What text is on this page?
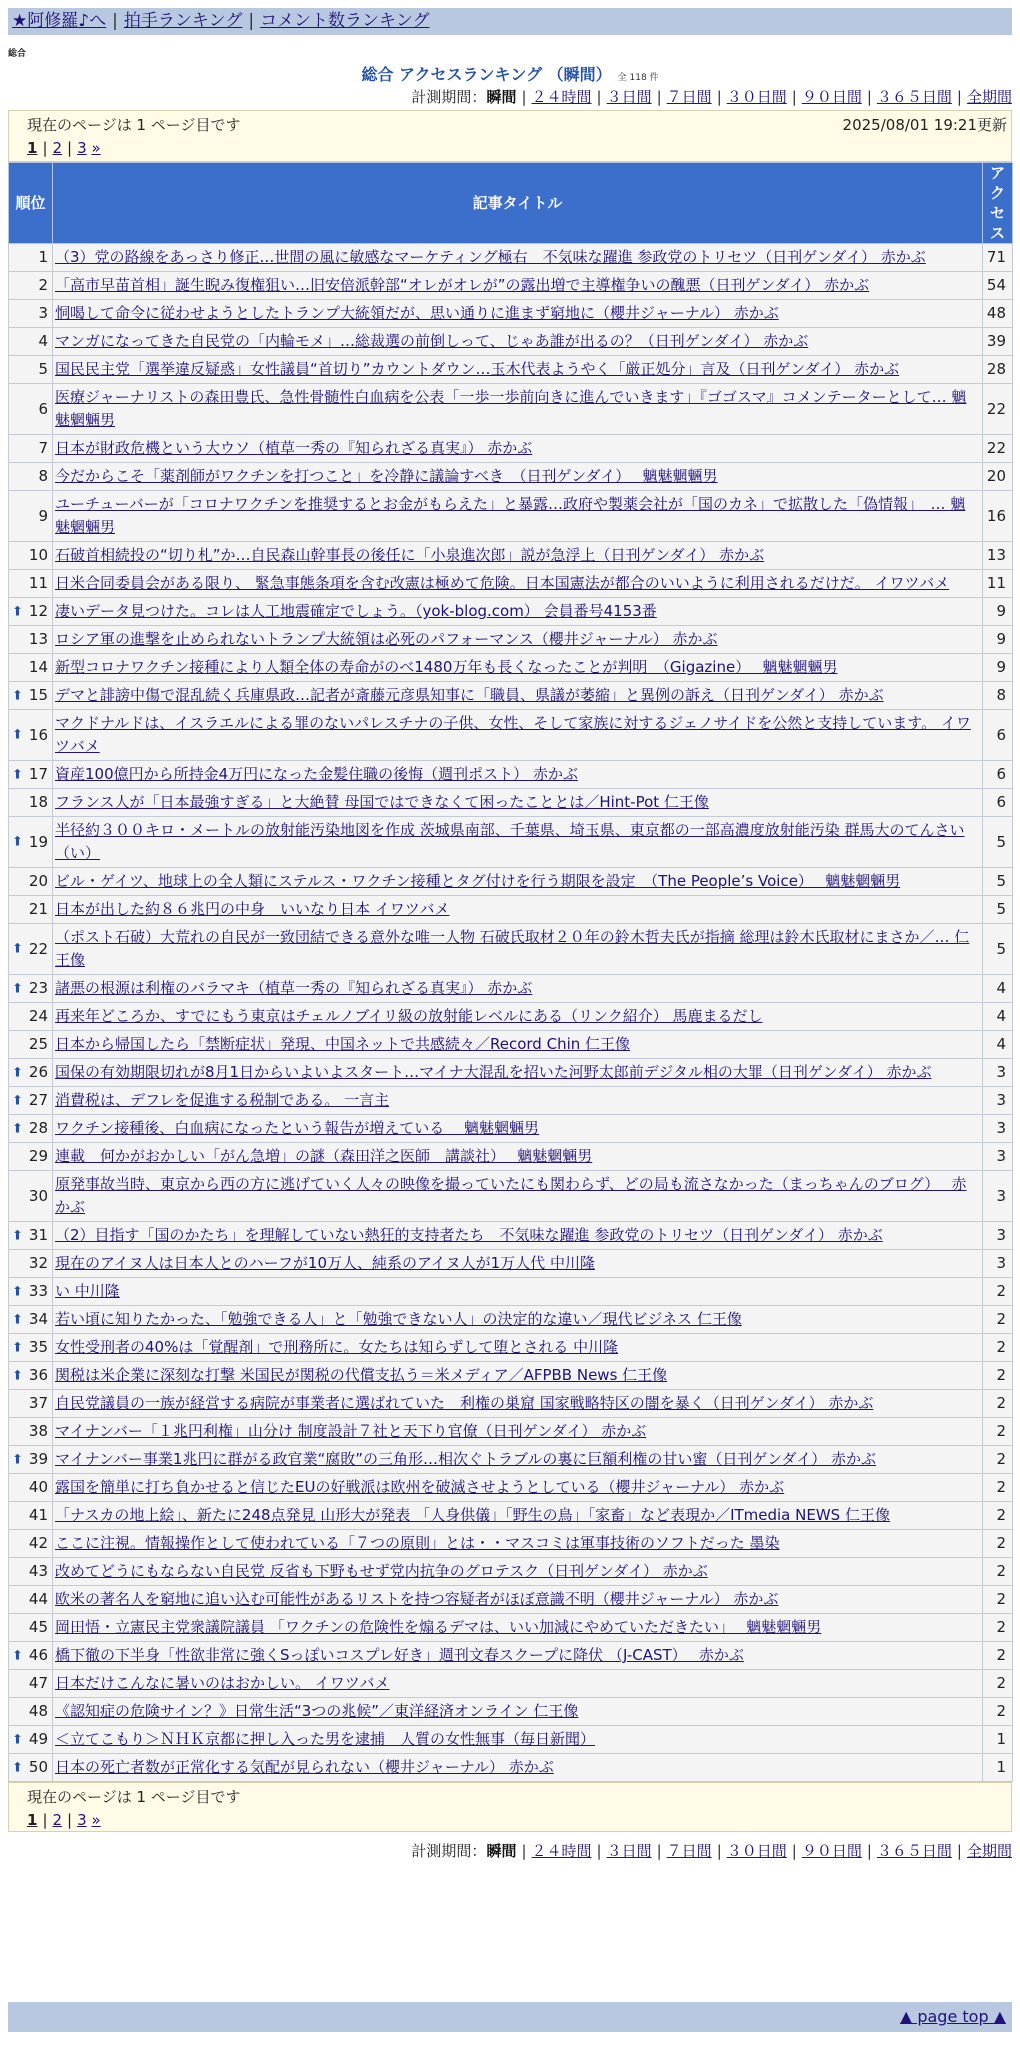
★阿修羅♪へ | 拍手ランキング | コメント数ランキング
総合
総合 アクセスランキング （瞬間） 全 118 件
計測期間：瞬間 | ２４時間 | ３日間 | ７日間 | ３０日間 | ９０日間 | ３６５日間 | 全期間
現在のページは 1 ページ目です	2025/08/01 19:21更新
1 | 2 | 3 »
順位	記事タイトル	アクセス
1	（3）党の路線をあっさり修正…世間の風に敏感なマーケティング極右　不気味な躍進 参政党のトリセツ（日刊ゲンダイ） 赤かぶ	71
2	「高市早苗首相」誕生睨み復権狙い…旧安倍派幹部“オレがオレが”の露出増で主導権争いの醜悪（日刊ゲンダイ） 赤かぶ	54
3	恫喝して命令に従わせようとしたトランプ大統領だが、思い通りに進まず窮地に（櫻井ジャーナル） 赤かぶ	48
4	マンガになってきた自民党の「内輪モメ」…総裁選の前倒しって、じゃあ誰が出るの？（日刊ゲンダイ） 赤かぶ	39
5	国民民主党「選挙違反疑惑」女性議員“首切り”カウントダウン…玉木代表ようやく「厳正処分」言及（日刊ゲンダイ） 赤かぶ	28
6	医療ジャーナリストの森田豊氏、急性骨髄性白血病を公表「一歩一歩前向きに進んでいきます」『ゴゴスマ』コメンテーターとして… 魑魅魍魎男	22
7	日本が財政危機という大ウソ（植草一秀の『知られざる真実』） 赤かぶ	22
8	今だからこそ「薬剤師がワクチンを打つこと」を冷静に議論すべき　（日刊ゲンダイ）　 魑魅魍魎男	20
9	ユーチューバーが「コロナワクチンを推奨するとお金がもらえた」と暴露…政府や製薬会社が「国のカネ」で拡散した「偽情報」　… 魑魅魍魎男	16
10	石破首相続投の“切り札”か…自民森山幹事長の後任に「小泉進次郎」説が急浮上（日刊ゲンダイ） 赤かぶ	13
11	日米合同委員会がある限り、 緊急事態条項を含む改憲は極めて危険。日本国憲法が都合のいいように利用されるだけだ。 イワツバメ	11

⬆ 12	凄いデータ見つけた。コレは人工地震確定でしょう。（yok-blog.com） 会員番号4153番	9
13	ロシア軍の進撃を止められないトランプ大統領は必死のパフォーマンス（櫻井ジャーナル） 赤かぶ	9
14	新型コロナワクチン接種により人類全体の寿命がのべ1480万年も長くなったことが判明　（Gigazine）　 魑魅魍魎男	9

⬆ 15	デマと誹謗中傷で混乱続く兵庫県政…記者が斎藤元彦県知事に「職員、県議が萎縮」と異例の訴え（日刊ゲンダイ） 赤かぶ	8

⬆ 16	マクドナルドは、イスラエルによる罪のないパレスチナの子供、女性、そして家族に対するジェノサイドを公然と支持しています。 イワツバメ	6

⬆ 17	資産100億円から所持金4万円になった金髪住職の後悔（週刊ポスト） 赤かぶ	6
18	フランス人が「日本最強すぎる」と大絶賛 母国ではできなくて困ったこととは／Hint-Pot 仁王像	6

⬆ 19	半径約３００キロ・メートルの放射能汚染地図を作成 茨城県南部、千葉県、埼玉県、東京都の一部高濃度放射能汚染 群馬大のてんさい（い）	5
20	ビル・ゲイツ、地球上の全人類にステルス・ワクチン接種とタグ付けを行う期限を設定　（The People’s Voice）　 魑魅魍魎男	5
21	日本が出した約８６兆円の中身　いいなり日本 イワツバメ	5

⬆ 22	（ポスト石破）大荒れの自民が一致団結できる意外な唯一人物 石破氏取材２０年の鈴木哲夫氏が指摘 総理は鈴木氏取材にまさか／… 仁王像	5

⬆ 23	諸悪の根源は利権のバラマキ（植草一秀の『知られざる真実』） 赤かぶ	4
24	再来年どころか、すでにもう東京はチェルノブイリ級の放射能レベルにある（リンク紹介） 馬鹿まるだし	4
25	日本から帰国したら「禁断症状」発現、中国ネットで共感続々／Record Chin 仁王像	4

⬆ 26	国保の有効期限切れが8月1日からいよいよスタート…マイナ大混乱を招いた河野太郎前デジタル相の大罪（日刊ゲンダイ） 赤かぶ	3

⬆ 27	消費税は、デフレを促進する税制である。 一言主	3

⬆ 28	ワクチン接種後、白血病になったという報告が増えている　 魑魅魍魎男	3
29	連載　何かがおかしい「がん急増」の謎（森田洋之医師　講談社）　 魑魅魍魎男	3
30	原発事故当時、東京から西の方に逃げていく人々の映像を撮っていたにも関わらず、どの局も流さなかった（まっちゃんのブログ）　 赤かぶ	3

⬆ 31	（2）目指す「国のかたち」を理解していない熱狂的支持者たち　不気味な躍進 参政党のトリセツ（日刊ゲンダイ） 赤かぶ	3
32	現在のアイヌ人は日本人とのハーフが10万人、純系のアイヌ人が1万人代 中川隆	3

⬆ 33	い 中川隆	2

⬆ 34	若い頃に知りたかった、「勉強できる人」と「勉強できない人」の決定的な違い／現代ビジネス 仁王像	2

⬆ 35	女性受刑者の40%は「覚醒剤」で刑務所に。女たちは知らずして堕とされる 中川隆	2

⬆ 36	関税は米企業に深刻な打撃 米国民が関税の代償支払う＝米メディア／AFPBB News 仁王像	2
37	自民党議員の一族が経営する病院が事業者に選ばれていた　利権の巣窟 国家戦略特区の闇を暴く（日刊ゲンダイ） 赤かぶ	2
38	マイナンバー「１兆円利権」山分け 制度設計７社と天下り官僚（日刊ゲンダイ） 赤かぶ	2

⬆ 39	マイナンバー事業1兆円に群がる政官業“腐敗”の三角形…相次ぐトラブルの裏に巨額利権の甘い蜜（日刊ゲンダイ） 赤かぶ	2
40	露国を簡単に打ち負かせると信じたEUの好戦派は欧州を破滅させようとしている（櫻井ジャーナル） 赤かぶ	2
41	「ナスカの地上絵」、新たに248点発見 山形大が発表 「人身供儀」「野生の鳥」「家畜」など表現か／ITmedia NEWS 仁王像	2
42	ここに注視。情報操作として使われている「７つの原則」とは・・マスコミは軍事技術のソフトだった 墨染	2
43	改めてどうにもならない自民党 反省も下野もせず党内抗争のグロテスク（日刊ゲンダイ） 赤かぶ	2
44	欧米の著名人を窮地に追い込む可能性があるリストを持つ容疑者がほぼ意識不明（櫻井ジャーナル） 赤かぶ	2
45	岡田悟・立憲民主党衆議院議員 「ワクチンの危険性を煽るデマは、いい加減にやめていただきたい」　 魑魅魍魎男	2

⬆ 46	橋下徹の下半身「性欲非常に強くSっぽいコスプレ好き」週刊文春スクープに降伏 （J-CAST）　 赤かぶ	2
47	日本だけこんなに暑いのはおかしい。 イワツバメ	2
48	《認知症の危険サイン？》日常生活“3つの兆候”／東洋経済オンライン 仁王像	2

⬆ 49	＜立てこもり＞ＮＨＫ京都に押し入った男を逮捕　人質の女性無事（毎日新聞）	1

⬆ 50	日本の死亡者数が正常化する気配が見られない（櫻井ジャーナル） 赤かぶ	1
現在のページは 1 ページ目です
1 | 2 | 3 »
計測期間：瞬間 | ２４時間 | ３日間 | ７日間 | ３０日間 | ９０日間 | ３６５日間 | 全期間
▲ page top ▲
